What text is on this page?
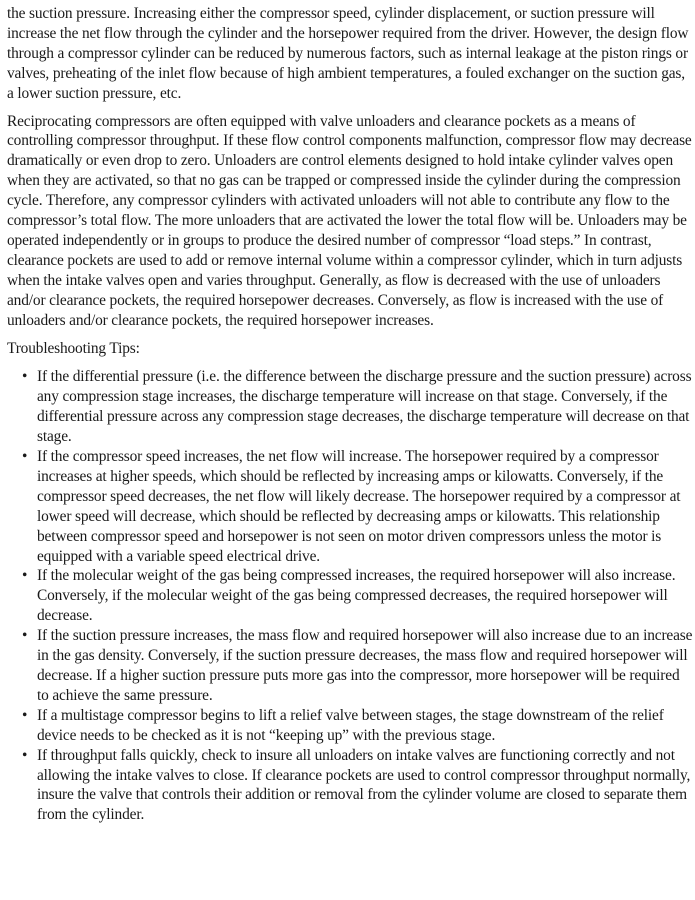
the suction pressure. Increasing either the compressor speed, cylinder displacement, or suction pressure will increase the net flow through the cylinder and the horsepower required from the driver. However, the design flow through a compressor cylinder can be reduced by numerous factors, such as internal leakage at the piston rings or valves, preheating of the inlet flow because of high ambient temperatures, a fouled exchanger on the suction gas, a lower suction pressure, etc.

Reciprocating compressors are often equipped with valve unloaders and clearance pockets as a means of controlling compressor throughput. If these flow control components malfunction, compressor flow may decrease dramatically or even drop to zero. Unloaders are control elements designed to hold intake cylinder valves open when they are activated, so that no gas can be trapped or compressed inside the cylinder during the compression cycle. Therefore, any compressor cylinders with activated unloaders will not able to contribute any flow to the compressor’s total flow. The more unloaders that are activated the lower the total flow will be. Unloaders may be operated independently or in groups to produce the desired number of compressor “load steps.” In contrast, clearance pockets are used to add or remove internal volume within a compressor cylinder, which in turn adjusts when the intake valves open and varies throughput. Generally, as flow is decreased with the use of unloaders and/or clearance pockets, the required horsepower decreases. Conversely, as flow is increased with the use of unloaders and/or clearance pockets, the required horsepower increases.

Troubleshooting Tips:

• If the differential pressure (i.e. the difference between the discharge pressure and the suction pressure) across any compression stage increases, the discharge temperature will increase on that stage. Conversely, if the differential pressure across any compression stage decreases, the discharge temperature will decrease on that stage.
• If the compressor speed increases, the net flow will increase. The horsepower required by a compressor increases at higher speeds, which should be reflected by increasing amps or kilowatts. Conversely, if the compressor speed decreases, the net flow will likely decrease. The horsepower required by a compressor at lower speed will decrease, which should be reflected by decreasing amps or kilowatts. This relationship between compressor speed and horsepower is not seen on motor driven compressors unless the motor is equipped with a variable speed electrical drive.
• If the molecular weight of the gas being compressed increases, the required horsepower will also increase. Conversely, if the molecular weight of the gas being compressed decreases, the required horsepower will decrease.
• If the suction pressure increases, the mass flow and required horsepower will also increase due to an increase in the gas density. Conversely, if the suction pressure decreases, the mass flow and required horsepower will decrease. If a higher suction pressure puts more gas into the compressor, more horsepower will be required to achieve the same pressure.
• If a multistage compressor begins to lift a relief valve between stages, the stage downstream of the relief device needs to be checked as it is not “keeping up” with the previous stage.
• If throughput falls quickly, check to insure all unloaders on intake valves are functioning correctly and not allowing the intake valves to close. If clearance pockets are used to control compressor throughput normally, insure the valve that controls their addition or removal from the cylinder volume are closed to separate them from the cylinder.
